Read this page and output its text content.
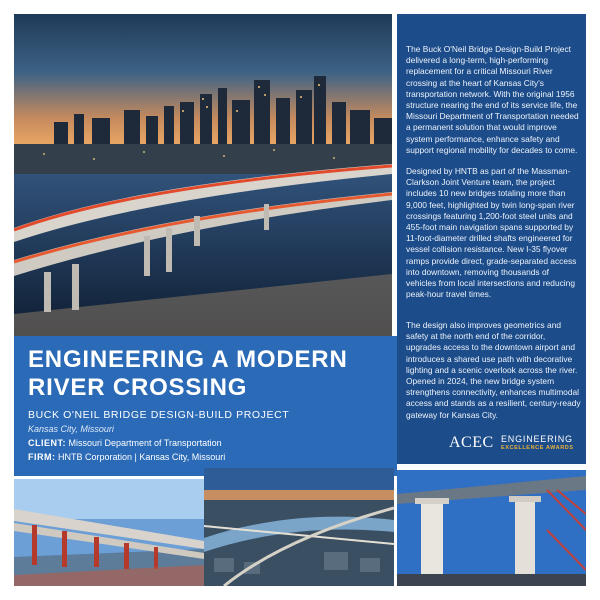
ENGINEERING A MODERN RIVER CROSSING
BUCK O'NEIL BRIDGE DESIGN-BUILD PROJECT
Kansas City, Missouri
CLIENT: Missouri Department of Transportation
FIRM: HNTB Corporation | Kansas City, Missouri

The Buck O'Neil Bridge Design-Build Project delivered a long-term, high-performing replacement for a critical Missouri River crossing at the heart of Kansas City's transportation network. With the original 1956 structure nearing the end of its service life, the Missouri Department of Transportation needed a permanent solution that would improve system performance, enhance safety and support regional mobility for decades to come.

Designed by HNTB as part of the Massman-Clarkson Joint Venture team, the project includes 10 new bridges totaling more than 9,000 feet, highlighted by twin long-span river crossings featuring 1,200-foot steel units and 455-foot main navigation spans supported by 11-foot-diameter drilled shafts engineered for vessel collision resistance. New I-35 flyover ramps provide direct, grade-separated access into downtown, removing thousands of vehicles from local intersections and reducing peak-hour travel times.

The design also improves geometrics and safety at the north end of the corridor, upgrades access to the downtown airport and introduces a shared use path with decorative lighting and a scenic overlook across the river. Opened in 2024, the new bridge system strengthens connectivity, enhances multimodal access and stands as a resilient, century-ready gateway for Kansas City.

ACEC ENGINEERING
EXCELLENCE AWARDS
